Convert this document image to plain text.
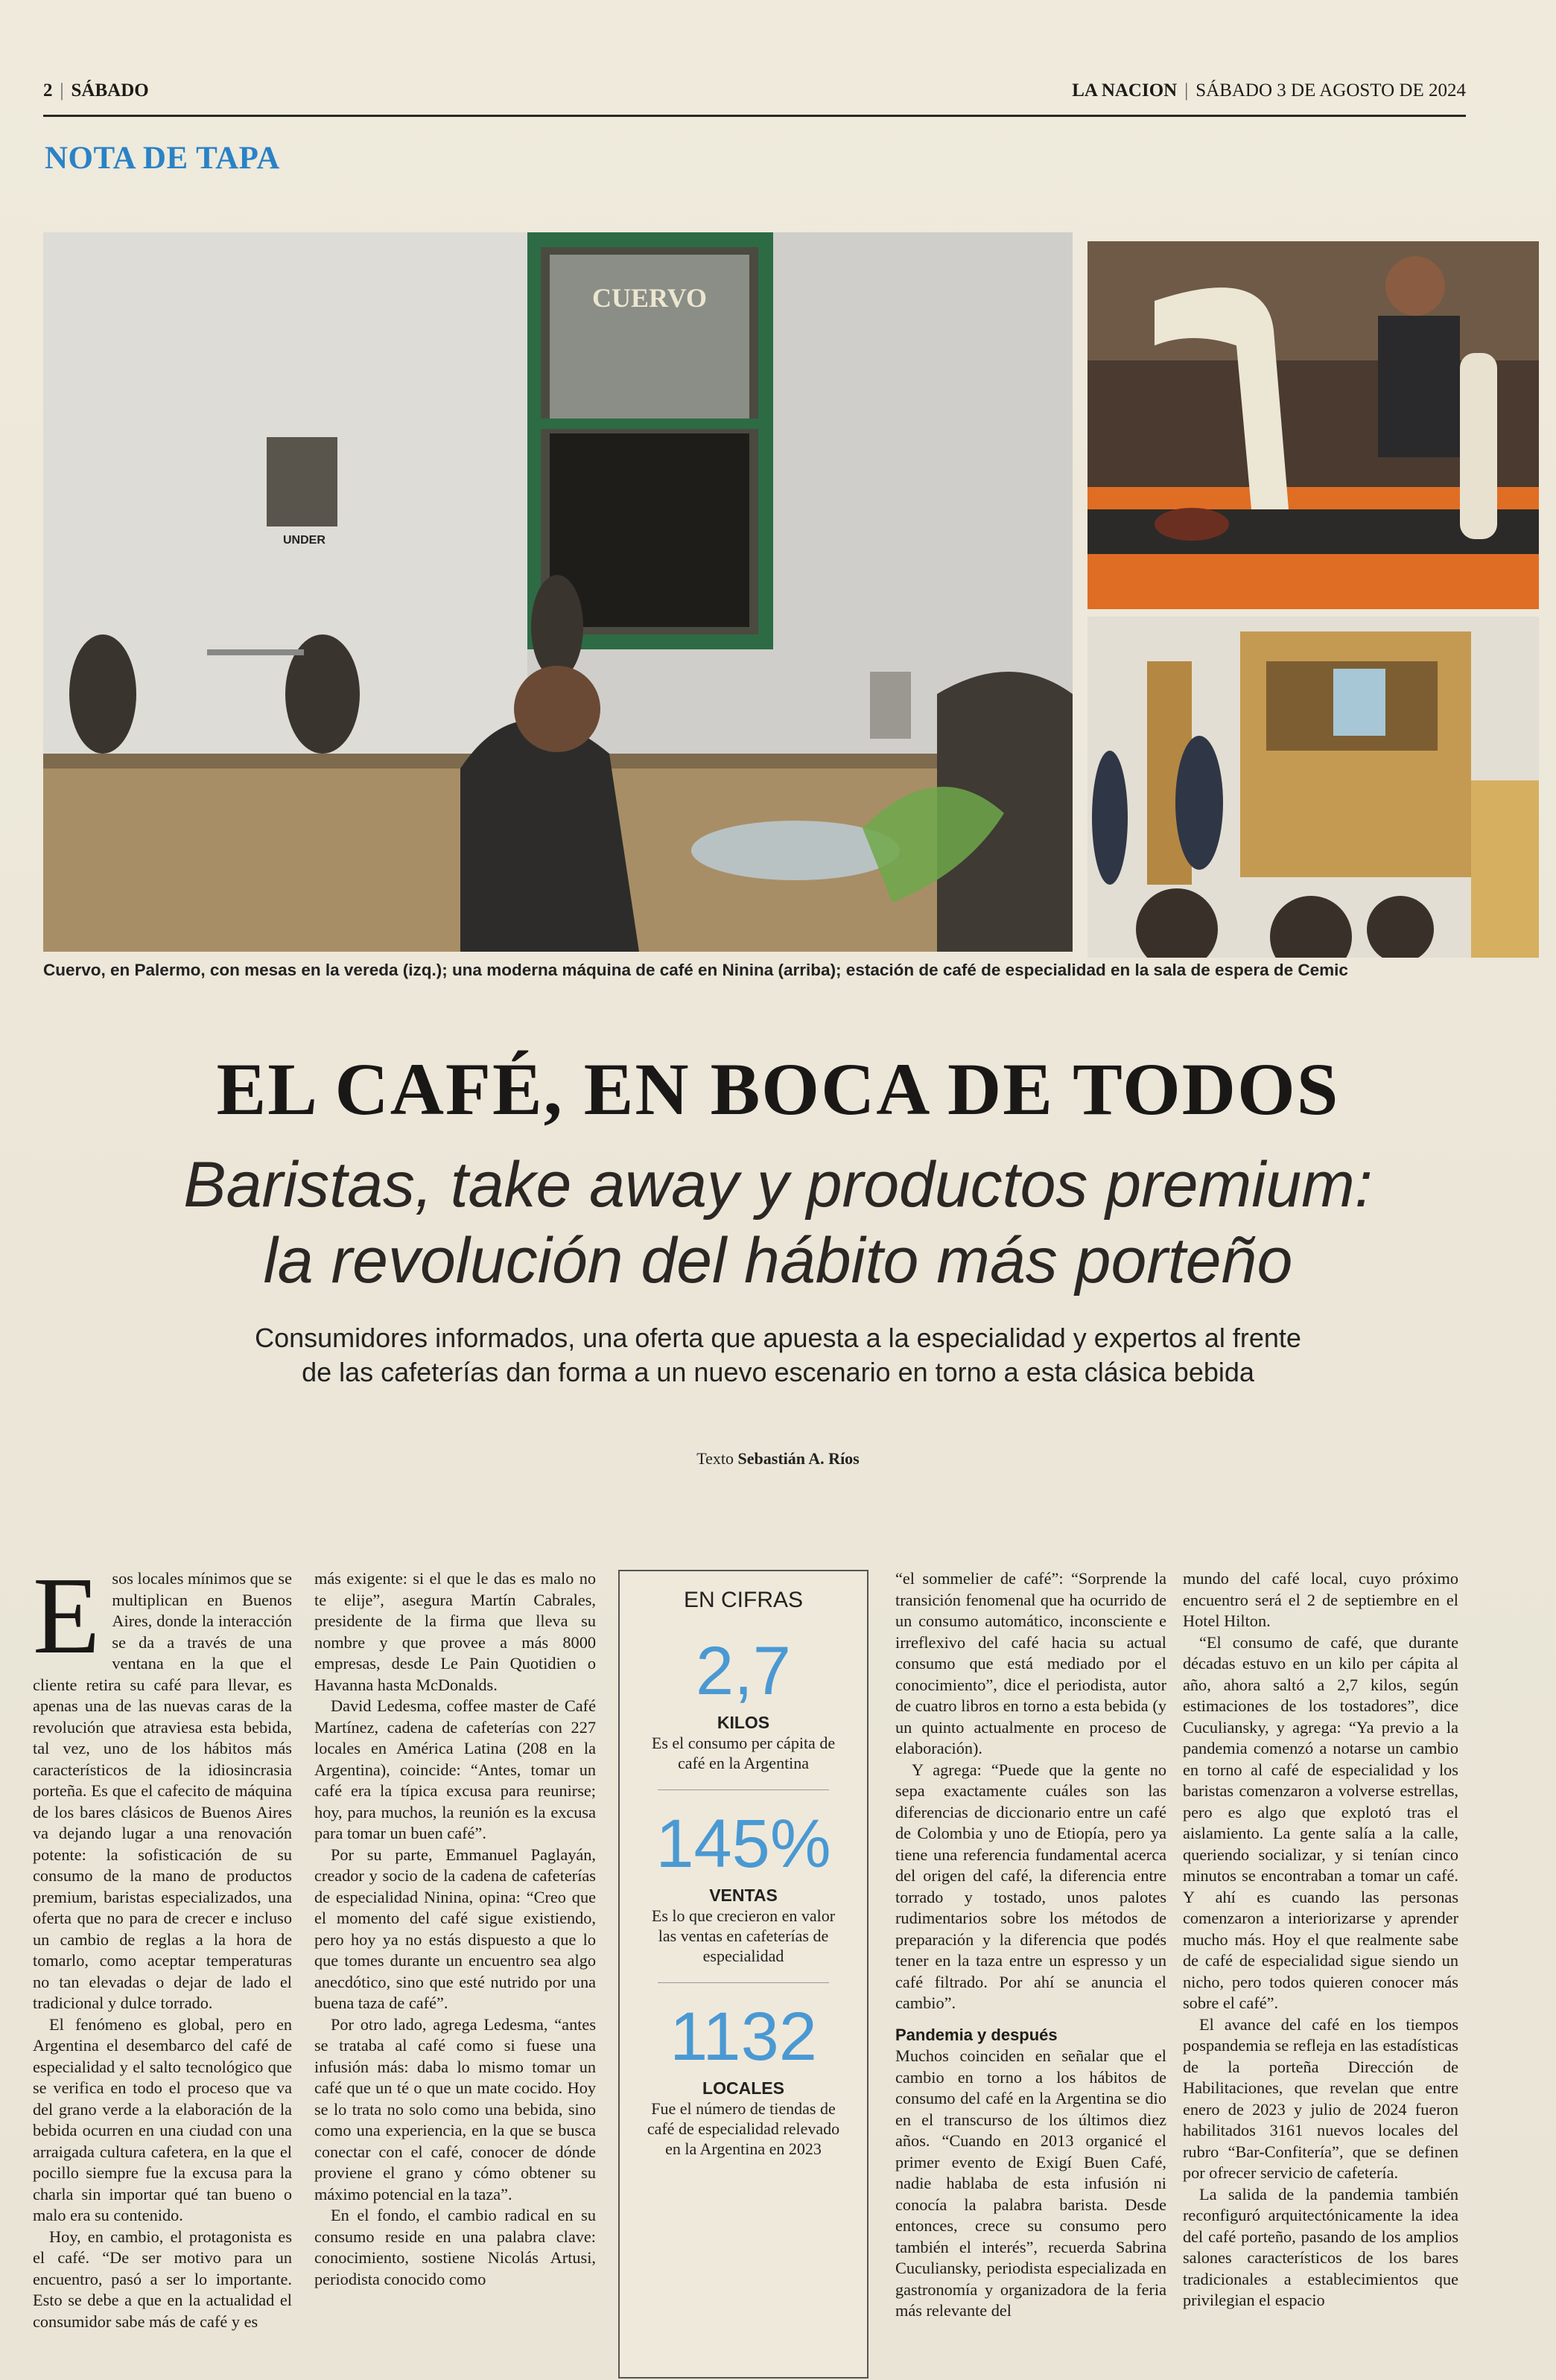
2 | SÁBADO	LA NACION | SÁBADO 3 DE AGOSTO DE 2024
NOTA DE TAPA
CUERVO
UNDER
Cuervo, en Palermo, con mesas en la vereda (izq.); una moderna máquina de café en Ninina (arriba); estación de café de especialidad en la sala de espera de Cemic
EL CAFÉ, EN BOCA DE TODOS
Baristas, take away y productos premium:
la revolución del hábito más porteño
Consumidores informados, una oferta que apuesta a la especialidad y expertos al frente
de las cafeterías dan forma a un nuevo escenario en torno a esta clásica bebida
Texto Sebastián A. Ríos
E sos locales mínimos que se multiplican en Buenos Aires, donde la interacción se da a través de una ventana en la que el cliente retira su café para llevar, es apenas una de las nuevas caras de la revolución que atraviesa esta bebida, tal vez, uno de los hábitos más característicos de la idiosincrasia porteña. Es que el cafecito de máquina de los bares clásicos de Buenos Aires va dejando lugar a una renovación potente: la sofisticación de su consumo de la mano de productos premium, baristas especializados, una oferta que no para de crecer e incluso un cambio de reglas a la hora de tomarlo, como aceptar temperaturas no tan elevadas o dejar de lado el tradicional y dulce torrado.

El fenómeno es global, pero en Argentina el desembarco del café de especialidad y el salto tecnológico que se verifica en todo el proceso que va del grano verde a la elaboración de la bebida ocurren en una ciudad con una arraigada cultura cafetera, en la que el pocillo siempre fue la excusa para la charla sin importar qué tan bueno o malo era su contenido.

Hoy, en cambio, el protagonista es el café. “De ser motivo para un encuentro, pasó a ser lo importante. Esto se debe a que en la actualidad el consumidor sabe más de café y es

más exigente: si el que le das es malo no te elije”, asegura Martín Cabrales, presidente de la firma que lleva su nombre y que provee a más 8000 empresas, desde Le Pain Quotidien o Havanna hasta McDonalds.

David Ledesma, coffee master de Café Martínez, cadena de cafeterías con 227 locales en América Latina (208 en la Argentina), coincide: “Antes, tomar un café era la típica excusa para reunirse; hoy, para muchos, la reunión es la excusa para tomar un buen café”.

Por su parte, Emmanuel Paglayán, creador y socio de la cadena de cafeterías de especialidad Ninina, opina: “Creo que el momento del café sigue existiendo, pero hoy ya no estás dispuesto a que lo que tomes durante un encuentro sea algo anecdótico, sino que esté nutrido por una buena taza de café”.

Por otro lado, agrega Ledesma, “antes se trataba al café como si fuese una infusión más: daba lo mismo tomar un café que un té o que un mate cocido. Hoy se lo trata no solo como una bebida, sino como una experiencia, en la que se busca conectar con el café, conocer de dónde proviene el grano y cómo obtener su máximo potencial en la taza”.

En el fondo, el cambio radical en su consumo reside en una palabra clave: conocimiento, sostiene Nicolás Artusi, periodista conocido como

EN CIFRAS
2,7
KILOS
Es el consumo per cápita de café en la Argentina
145%
VENTAS
Es lo que crecieron en valor las ventas en cafeterías de especialidad
1132
LOCALES
Fue el número de tiendas de café de especialidad relevado en la Argentina en 2023

“el sommelier de café”: “Sorprende la transición fenomenal que ha ocurrido de un consumo automático, inconsciente e irreflexivo del café hacia su actual consumo que está mediado por el conocimiento”, dice el periodista, autor de cuatro libros en torno a esta bebida (y un quinto actualmente en proceso de elaboración).

Y agrega: “Puede que la gente no sepa exactamente cuáles son las diferencias de diccionario entre un café de Colombia y uno de Etiopía, pero ya tiene una referencia fundamental acerca del origen del café, la diferencia entre torrado y tostado, unos palotes rudimentarios sobre los métodos de preparación y la diferencia que podés tener en la taza entre un espresso y un café filtrado. Por ahí se anuncia el cambio”.

Pandemia y después

Muchos coinciden en señalar que el cambio en torno a los hábitos de consumo del café en la Argentina se dio en el transcurso de los últimos diez años. “Cuando en 2013 organicé el primer evento de Exigí Buen Café, nadie hablaba de esta infusión ni conocía la palabra barista. Desde entonces, crece su consumo pero también el interés”, recuerda Sabrina Cuculiansky, periodista especializada en gastronomía y organizadora de la feria más relevante del

mundo del café local, cuyo próximo encuentro será el 2 de septiembre en el Hotel Hilton.

“El consumo de café, que durante décadas estuvo en un kilo per cápita al año, ahora saltó a 2,7 kilos, según estimaciones de los tostadores”, dice Cuculiansky, y agrega: “Ya previo a la pandemia comenzó a notarse un cambio en torno al café de especialidad y los baristas comenzaron a volverse estrellas, pero es algo que explotó tras el aislamiento. La gente salía a la calle, queriendo socializar, y si tenían cinco minutos se encontraban a tomar un café. Y ahí es cuando las personas comenzaron a interiorizarse y aprender mucho más. Hoy el que realmente sabe de café de especialidad sigue siendo un nicho, pero todos quieren conocer más sobre el café”.

El avance del café en los tiempos pospandemia se refleja en las estadísticas de la porteña Dirección de Habilitaciones, que revelan que entre enero de 2023 y julio de 2024 fueron habilitados 3161 nuevos locales del rubro “Bar-Confitería”, que se definen por ofrecer servicio de cafetería.

La salida de la pandemia también reconfiguró arquitectónicamente la idea del café porteño, pasando de los amplios salones característicos de los bares tradicionales a establecimientos que privilegian el espacio
